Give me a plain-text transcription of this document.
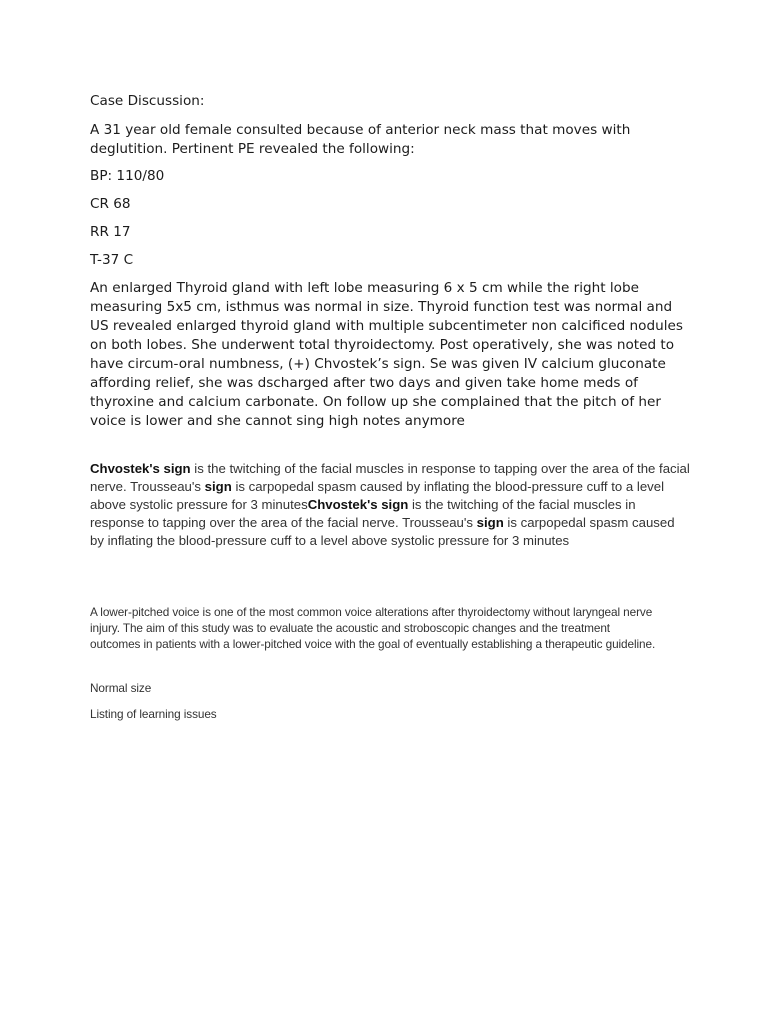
Case Discussion:

A 31 year old female consulted because of anterior neck mass that moves with deglutition. Pertinent PE revealed the following:

BP: 110/80

CR 68

RR 17

T-37 C

An enlarged Thyroid gland with left lobe measuring 6 x 5 cm while the right lobe measuring 5x5 cm, isthmus was normal in size. Thyroid function test was normal and US revealed enlarged thyroid gland with multiple subcentimeter non calcificed nodules on both lobes. She underwent total thyroidectomy. Post operatively, she was noted to have circum-oral numbness, (+) Chvostek’s sign. Se was given IV calcium gluconate affording relief, she was dscharged after two days and given take home meds of thyroxine and calcium carbonate. On follow up she complained that the pitch of her voice is lower and she cannot sing high notes anymore

Chvostek's sign is the twitching of the facial muscles in response to tapping over the area of the facial nerve. Trousseau's sign is carpopedal spasm caused by inflating the blood-pressure cuff to a level above systolic pressure for 3 minutesChvostek's sign is the twitching of the facial muscles in response to tapping over the area of the facial nerve. Trousseau's sign is carpopedal spasm caused by inflating the blood-pressure cuff to a level above systolic pressure for 3 minutes

A lower-pitched voice is one of the most common voice alterations after thyroidectomy without laryngeal nerve injury. The aim of this study was to evaluate the acoustic and stroboscopic changes and the treatment outcomes in patients with a lower-pitched voice with the goal of eventually establishing a therapeutic guideline.

Normal size

Listing of learning issues
